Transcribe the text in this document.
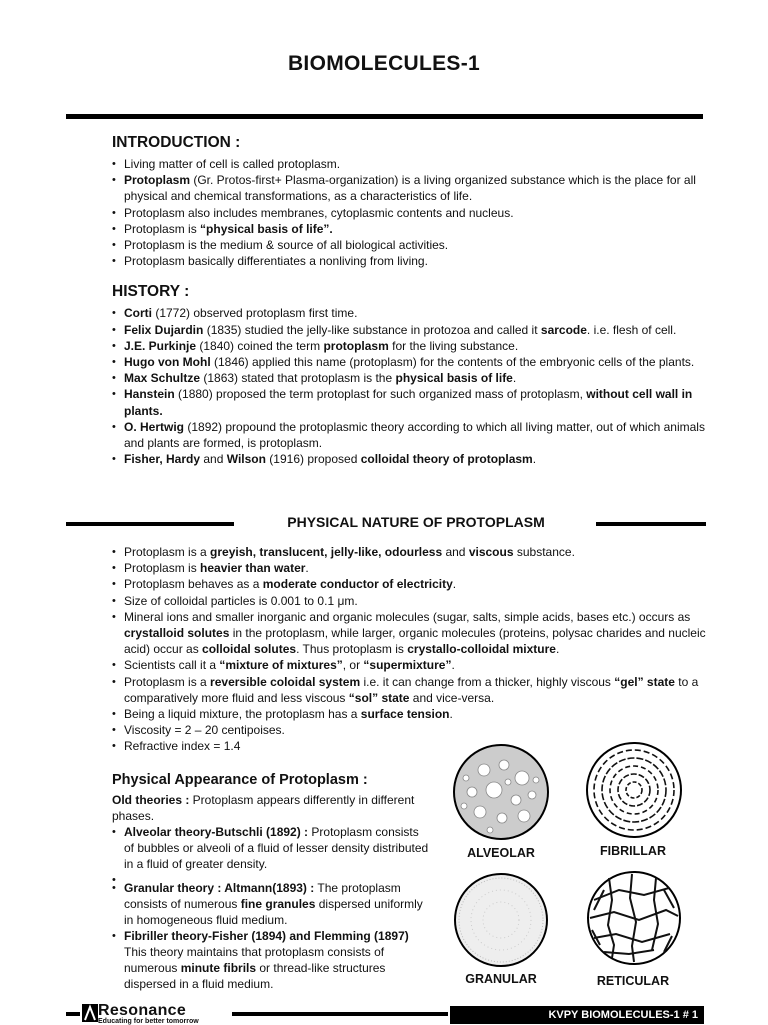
BIOMOLECULES-1
INTRODUCTION :
• Living matter of cell is called protoplasm.
• Protoplasm (Gr. Protos-first+ Plasma-organization) is a living organized substance which is the place for all physical and chemical transformations, as a characteristics of life.
• Protoplasm also includes membranes, cytoplasmic contents and nucleus.
• Protoplasm is “physical basis of life”.
• Protoplasm is the medium & source of all biological activities.
• Protoplasm basically differentiates a nonliving from living.
HISTORY :
• Corti (1772) observed protoplasm first time.
• Felix Dujardin (1835) studied the jelly-like substance in protozoa and called it sarcode. i.e. flesh of cell.
• J.E. Purkinje (1840) coined the term protoplasm for the living substance.
• Hugo von Mohl (1846) applied this name (protoplasm) for the contents of the embryonic cells of the plants.
• Max Schultze (1863) stated that protoplasm is the physical basis of life.
• Hanstein (1880) proposed the term protoplast for such organized mass of protoplasm, without cell wall in plants.
• O. Hertwig (1892) propound the protoplasmic theory according to which all living matter, out of which animals and plants are formed, is protoplasm.
• Fisher, Hardy and Wilson (1916) proposed colloidal theory of protoplasm.
PHYSICAL NATURE OF PROTOPLASM
• Protoplasm is a greyish, translucent, jelly-like, odourless and viscous substance.
• Protoplasm is heavier than water.
• Protoplasm behaves as a moderate conductor of electricity.
• Size of colloidal particles is 0.001 to 0.1 μm.
• Mineral ions and smaller inorganic and organic molecules (sugar, salts, simple acids, bases etc.) occurs as crystalloid solutes in the protoplasm, while larger, organic molecules (proteins, polysac charides and nucleic acid) occur as colloidal solutes. Thus protoplasm is crystallo-colloidal mixture.
• Scientists call it a “mixture of mixtures”, or “supermixture”.
• Protoplasm is a reversible coloidal system i.e. it can change from a thicker, highly viscous “gel” state to a comparatively more fluid and less viscous “sol” state and vice-versa.
• Being a liquid mixture, the protoplasm has a surface tension.
• Viscosity = 2 – 20 centipoises.
• Refractive index = 1.4
Physical Appearance of Protoplasm :

Old theories : Protoplasm appears differently in different phases.

• Alveolar theory-Butschli (1892) : Protoplasm consists of bubbles or alveoli of a fluid of lesser density distributed in a fluid of greater density.
•
• Granular theory : Altmann(1893) : The protoplasm consists of numerous fine granules dispersed uniformly in homogeneous fluid medium.
• Fibriller theory-Fisher (1894) and Flemming (1897) This theory maintains that protoplasm consists of numerous minute fibrils or thread-like structures dispersed in a fluid medium.
ALVEOLAR	FIBRILLAR
GRANULAR	RETICULAR
Resonance
Educating for better tomorrow
KVPY BIOMOLECULES-1 # 1
